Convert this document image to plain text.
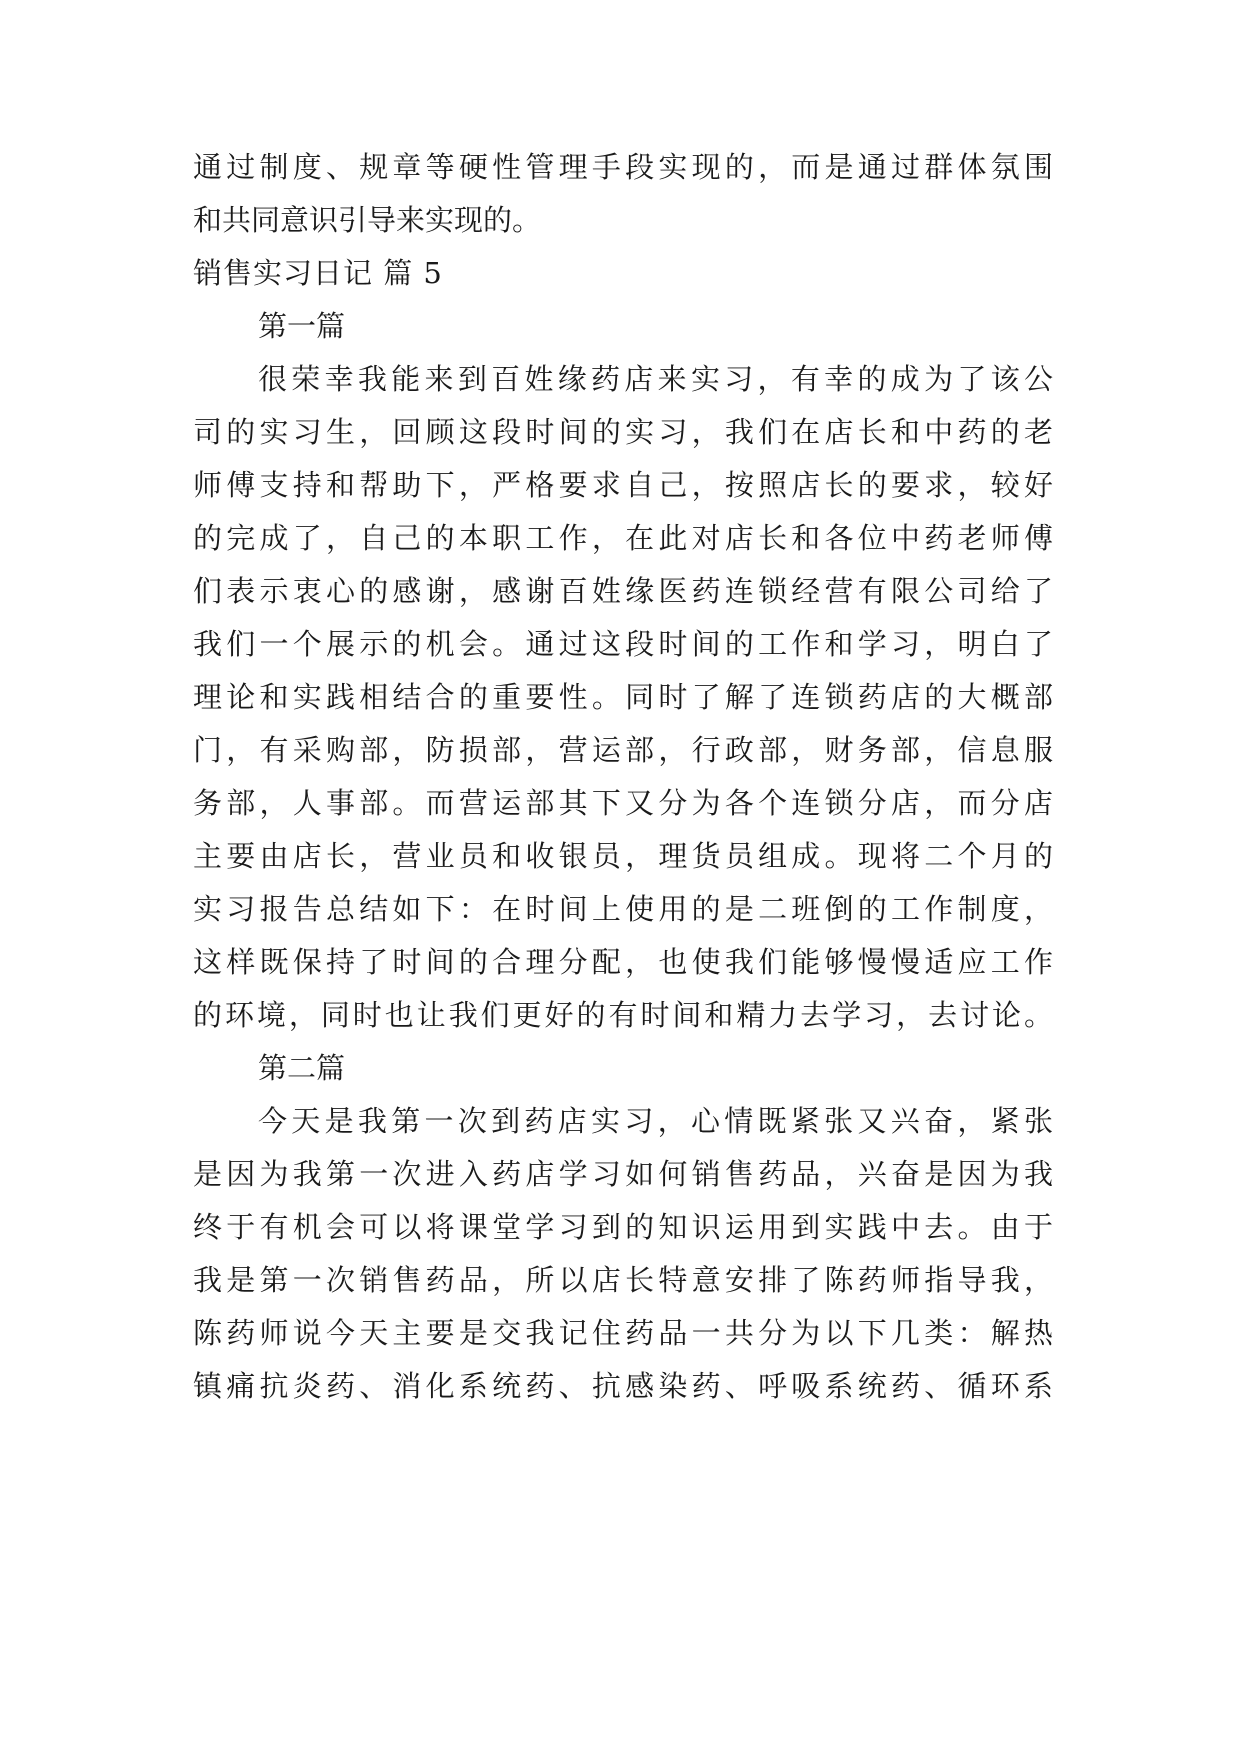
通过制度、规章等硬性管理手段实现的，而是通过群体氛围
和共同意识引导来实现的。
销售实习日记 篇 5
第一篇
很荣幸我能来到百姓缘药店来实习，有幸的成为了该公
司的实习生，回顾这段时间的实习，我们在店长和中药的老
师傅支持和帮助下，严格要求自己，按照店长的要求，较好
的完成了，自己的本职工作，在此对店长和各位中药老师傅
们表示衷心的感谢，感谢百姓缘医药连锁经营有限公司给了
我们一个展示的机会。通过这段时间的工作和学习，明白了
理论和实践相结合的重要性。同时了解了连锁药店的大概部
门，有采购部，防损部，营运部，行政部，财务部，信息服
务部，人事部。而营运部其下又分为各个连锁分店，而分店
主要由店长，营业员和收银员，理货员组成。现将二个月的
实习报告总结如下：在时间上使用的是二班倒的工作制度，
这样既保持了时间的合理分配，也使我们能够慢慢适应工作
的环境，同时也让我们更好的有时间和精力去学习，去讨论。
第二篇
今天是我第一次到药店实习，心情既紧张又兴奋，紧张
是因为我第一次进入药店学习如何销售药品，兴奋是因为我
终于有机会可以将课堂学习到的知识运用到实践中去。由于
我是第一次销售药品，所以店长特意安排了陈药师指导我，
陈药师说今天主要是交我记住药品一共分为以下几类：解热
镇痛抗炎药、消化系统药、抗感染药、呼吸系统药、循环系
